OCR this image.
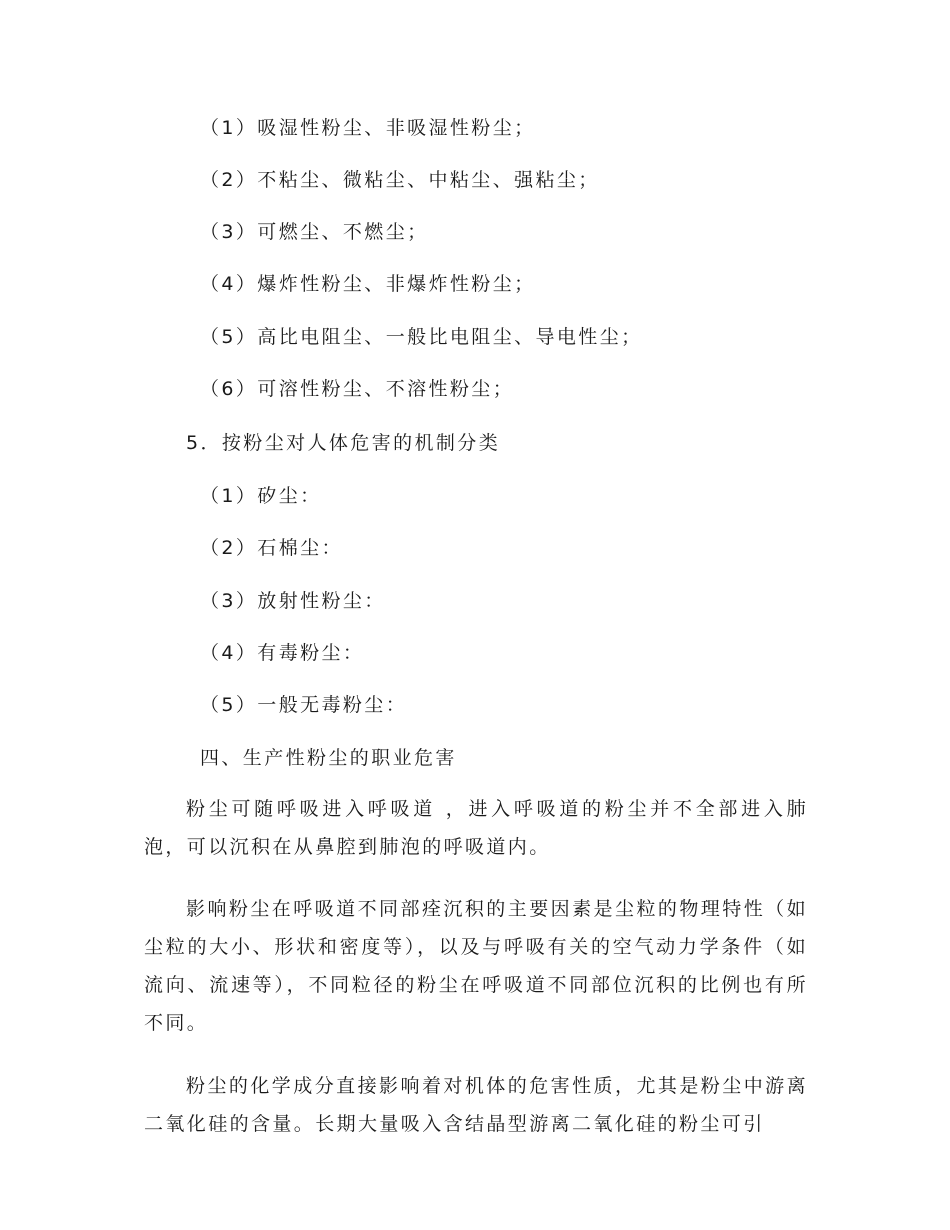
（1）吸湿性粉尘、非吸湿性粉尘；

（2）不粘尘、微粘尘、中粘尘、强粘尘；

（3）可燃尘、不燃尘；

（4）爆炸性粉尘、非爆炸性粉尘；

（5）高比电阻尘、一般比电阻尘、导电性尘；

（6）可溶性粉尘、不溶性粉尘；

5．按粉尘对人体危害的机制分类

（1）矽尘：

（2）石棉尘：

（3）放射性粉尘：

（4）有毒粉尘：

（5）一般无毒粉尘：

四、生产性粉尘的职业危害

粉尘可随呼吸进入呼吸道 ，进入呼吸道的粉尘并不全部进入肺泡，可以沉积在从鼻腔到肺泡的呼吸道内。

影响粉尘在呼吸道不同部痊沉积的主要因素是尘粒的物理特性（如尘粒的大小、形状和密度等），以及与呼吸有关的空气动力学条件（如流向、流速等），不同粒径的粉尘在呼吸道不同部位沉积的比例也有所不同。

粉尘的化学成分直接影响着对机体的危害性质，尤其是粉尘中游离二氧化硅的含量。长期大量吸入含结晶型游离二氧化硅的粉尘可引
